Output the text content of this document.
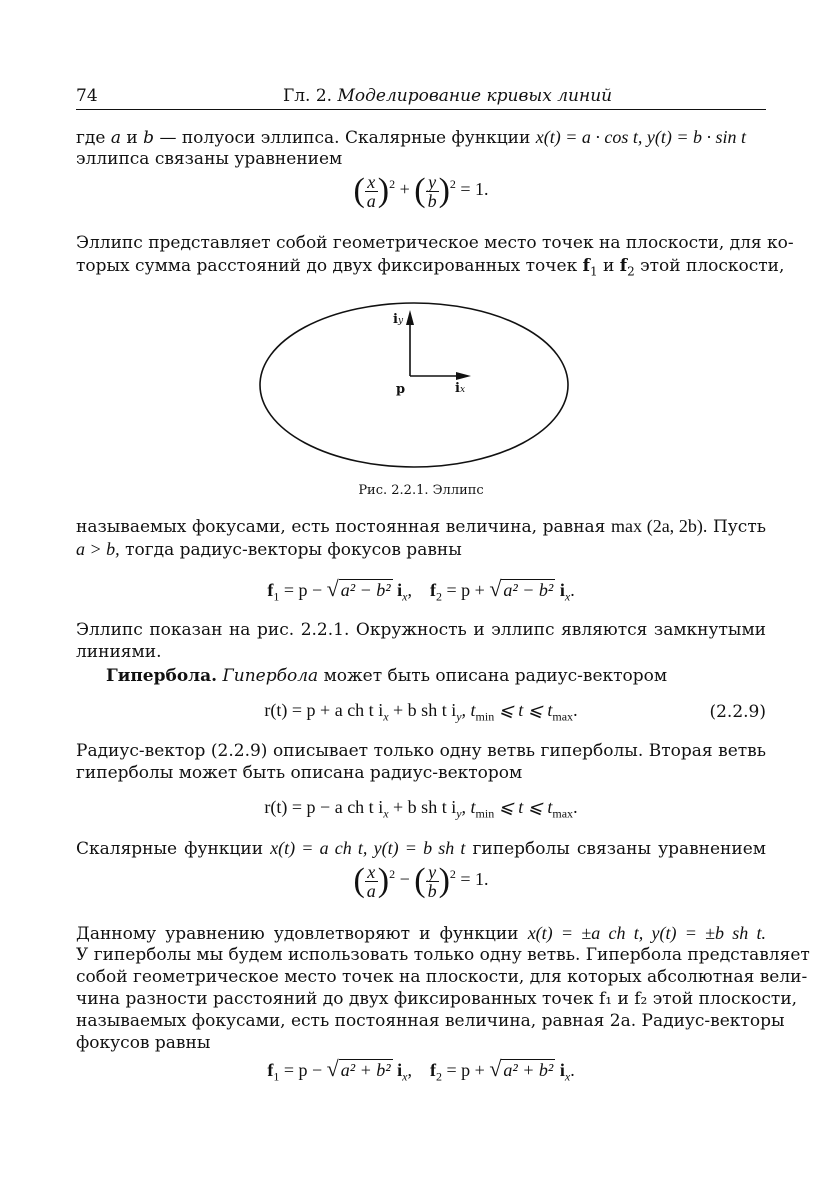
74	Гл. 2. Моделирование кривых линий
где a и b — полуоси эллипса. Скалярные функции x(t) = a · cos t, y(t) = b · sin t
эллипса связаны уравнением
( $\frac{x}{a} )^2$ + ( $\frac{y}{b} )^2 = 1$.
Эллипс представляет собой геометрическое место точек на плоскости, для ко-
торых сумма расстояний до двух фиксированных точек $f_1$ и $f_2$ этой плоскости,
iy
p	ix
Рис. 2.2.1. Эллипс
называемых фокусами, есть постоянная величина, равная max (2a, 2b). Пусть
a > b, тогда радиус-векторы фокусов равны
$f_1 = p$ − √ a² − b² $i_x$,    $f_2 = p$ + √ a² − b² $i_x$.
Эллипс показан на рис. 2.2.1. Окружность и эллипс являются замкнутыми
линиями.
Гипербола. Гипербола может быть описана радиус-вектором
r(t) = p + a ch t $i_x + b$ sh t $i_y$, $t_{min}$ ⩽ t ⩽ $t_{max}$.	(2.2.9)
Радиус-вектор (2.2.9) описывает только одну ветвь гиперболы. Вторая ветвь
гиперболы может быть описана радиус-вектором
r(t) = p − a ch t $i_x + b$ sh t $i_y$, $t_{min}$ ⩽ t ⩽ $t_{max}$.
Скалярные функции x(t) = a ch t, y(t) = b sh t гиперболы связаны уравнением
( $\frac{x}{a} )^2$ − ( $\frac{y}{b} )^2 = 1$.
Данному уравнению удовлетворяют и функции x(t) = ±a ch t, y(t) = ±b sh t.
У гиперболы мы будем использовать только одну ветвь. Гипербола представляет
собой геометрическое место точек на плоскости, для которых абсолютная вели-
чина разности расстояний до двух фиксированных точек f₁ и f₂ этой плоскости,
называемых фокусами, есть постоянная величина, равная 2a. Радиус-векторы
фокусов равны
$f_1 = p$ − √ a² + b² $i_x$,    $f_2 = p$ + √ a² + b² $i_x$.
